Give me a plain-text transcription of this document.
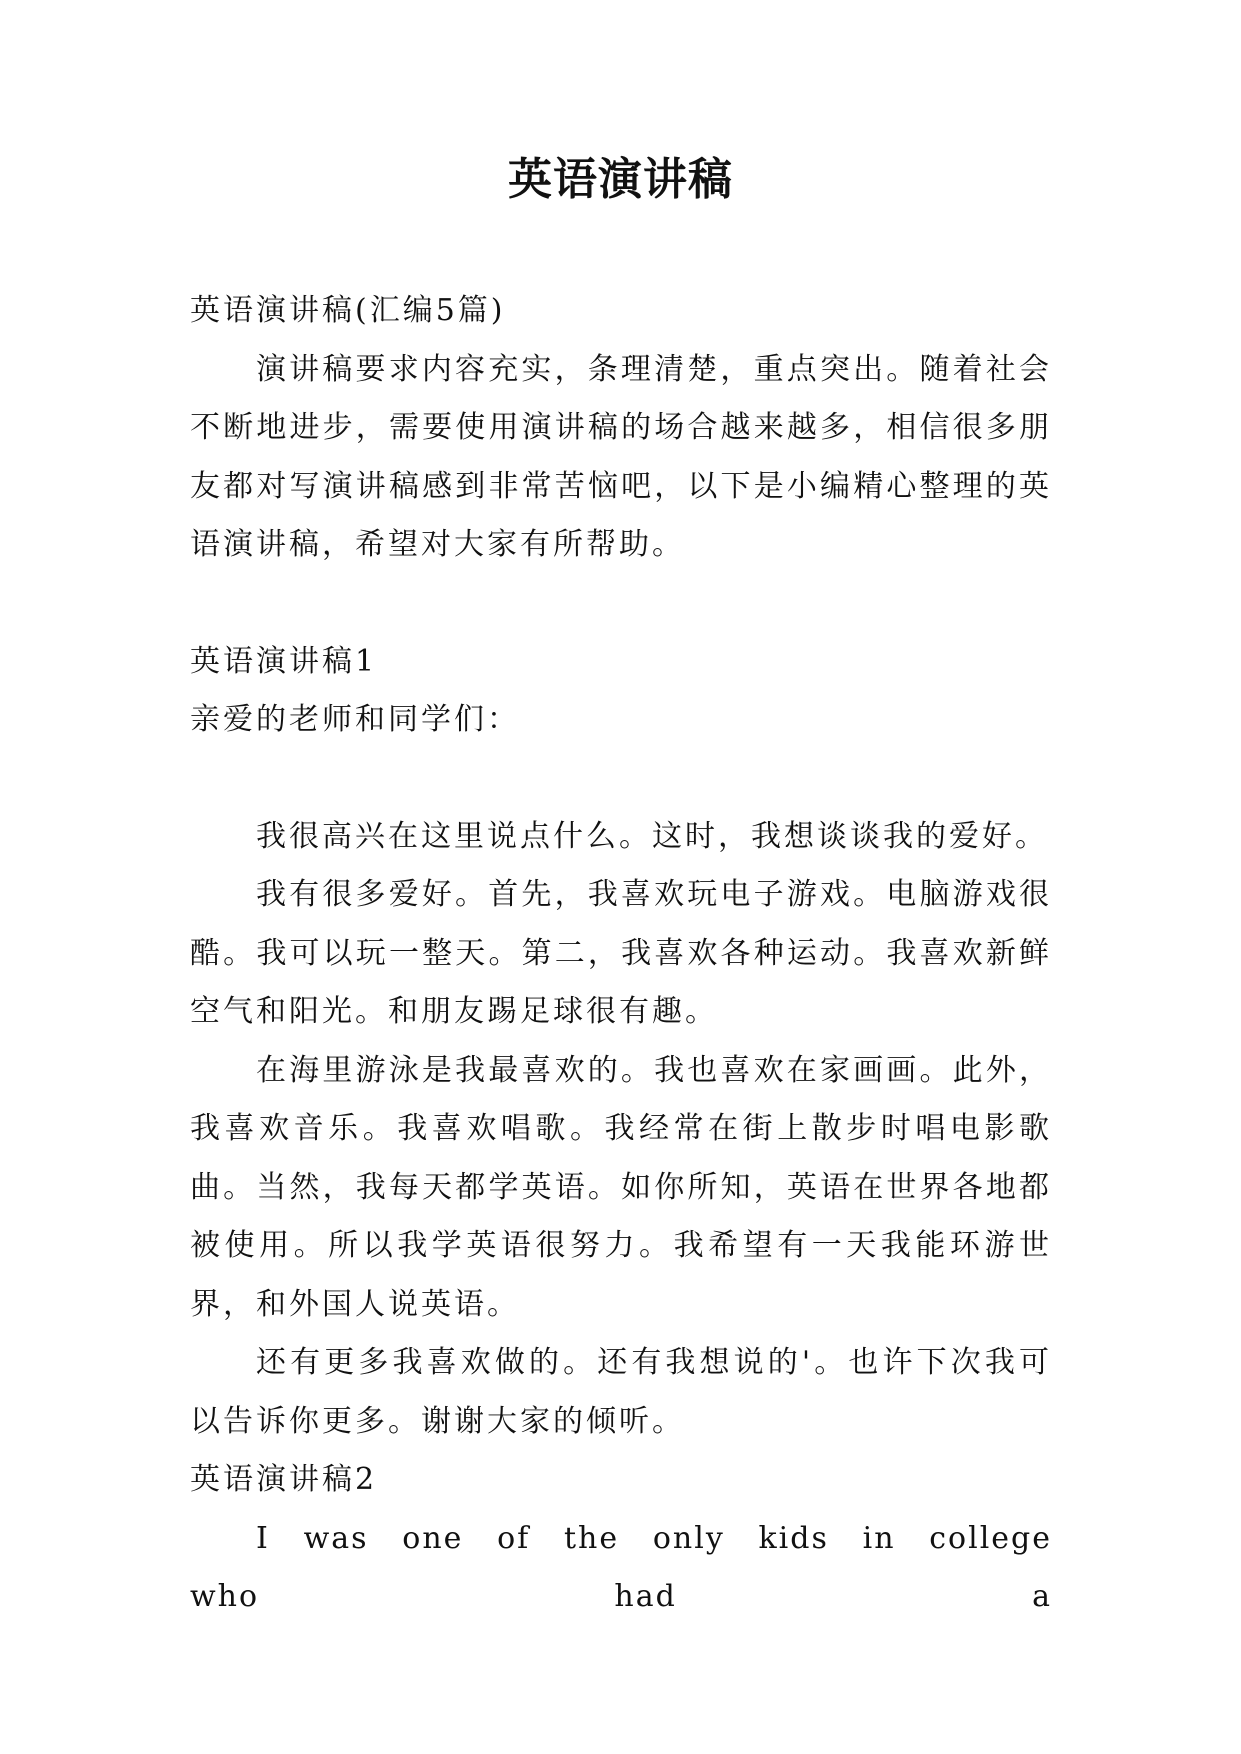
英语演讲稿

英语演讲稿(汇编5篇)

演讲稿要求内容充实，条理清楚，重点突出。随着社会不断地进步，需要使用演讲稿的场合越来越多，相信很多朋友都对写演讲稿感到非常苦恼吧，以下是小编精心整理的英语演讲稿，希望对大家有所帮助。

英语演讲稿1

亲爱的老师和同学们：

我很高兴在这里说点什么。这时，我想谈谈我的爱好。

我有很多爱好。首先，我喜欢玩电子游戏。电脑游戏很酷。我可以玩一整天。第二，我喜欢各种运动。我喜欢新鲜空气和阳光。和朋友踢足球很有趣。

在海里游泳是我最喜欢的。我也喜欢在家画画。此外，我喜欢音乐。我喜欢唱歌。我经常在街上散步时唱电影歌曲。当然，我每天都学英语。如你所知，英语在世界各地都被使用。所以我学英语很努力。我希望有一天我能环游世界，和外国人说英语。

还有更多我喜欢做的。还有我想说的'。也许下次我可以告诉你更多。谢谢大家的倾听。

英语演讲稿2

I was one of the only kids in college who had a
